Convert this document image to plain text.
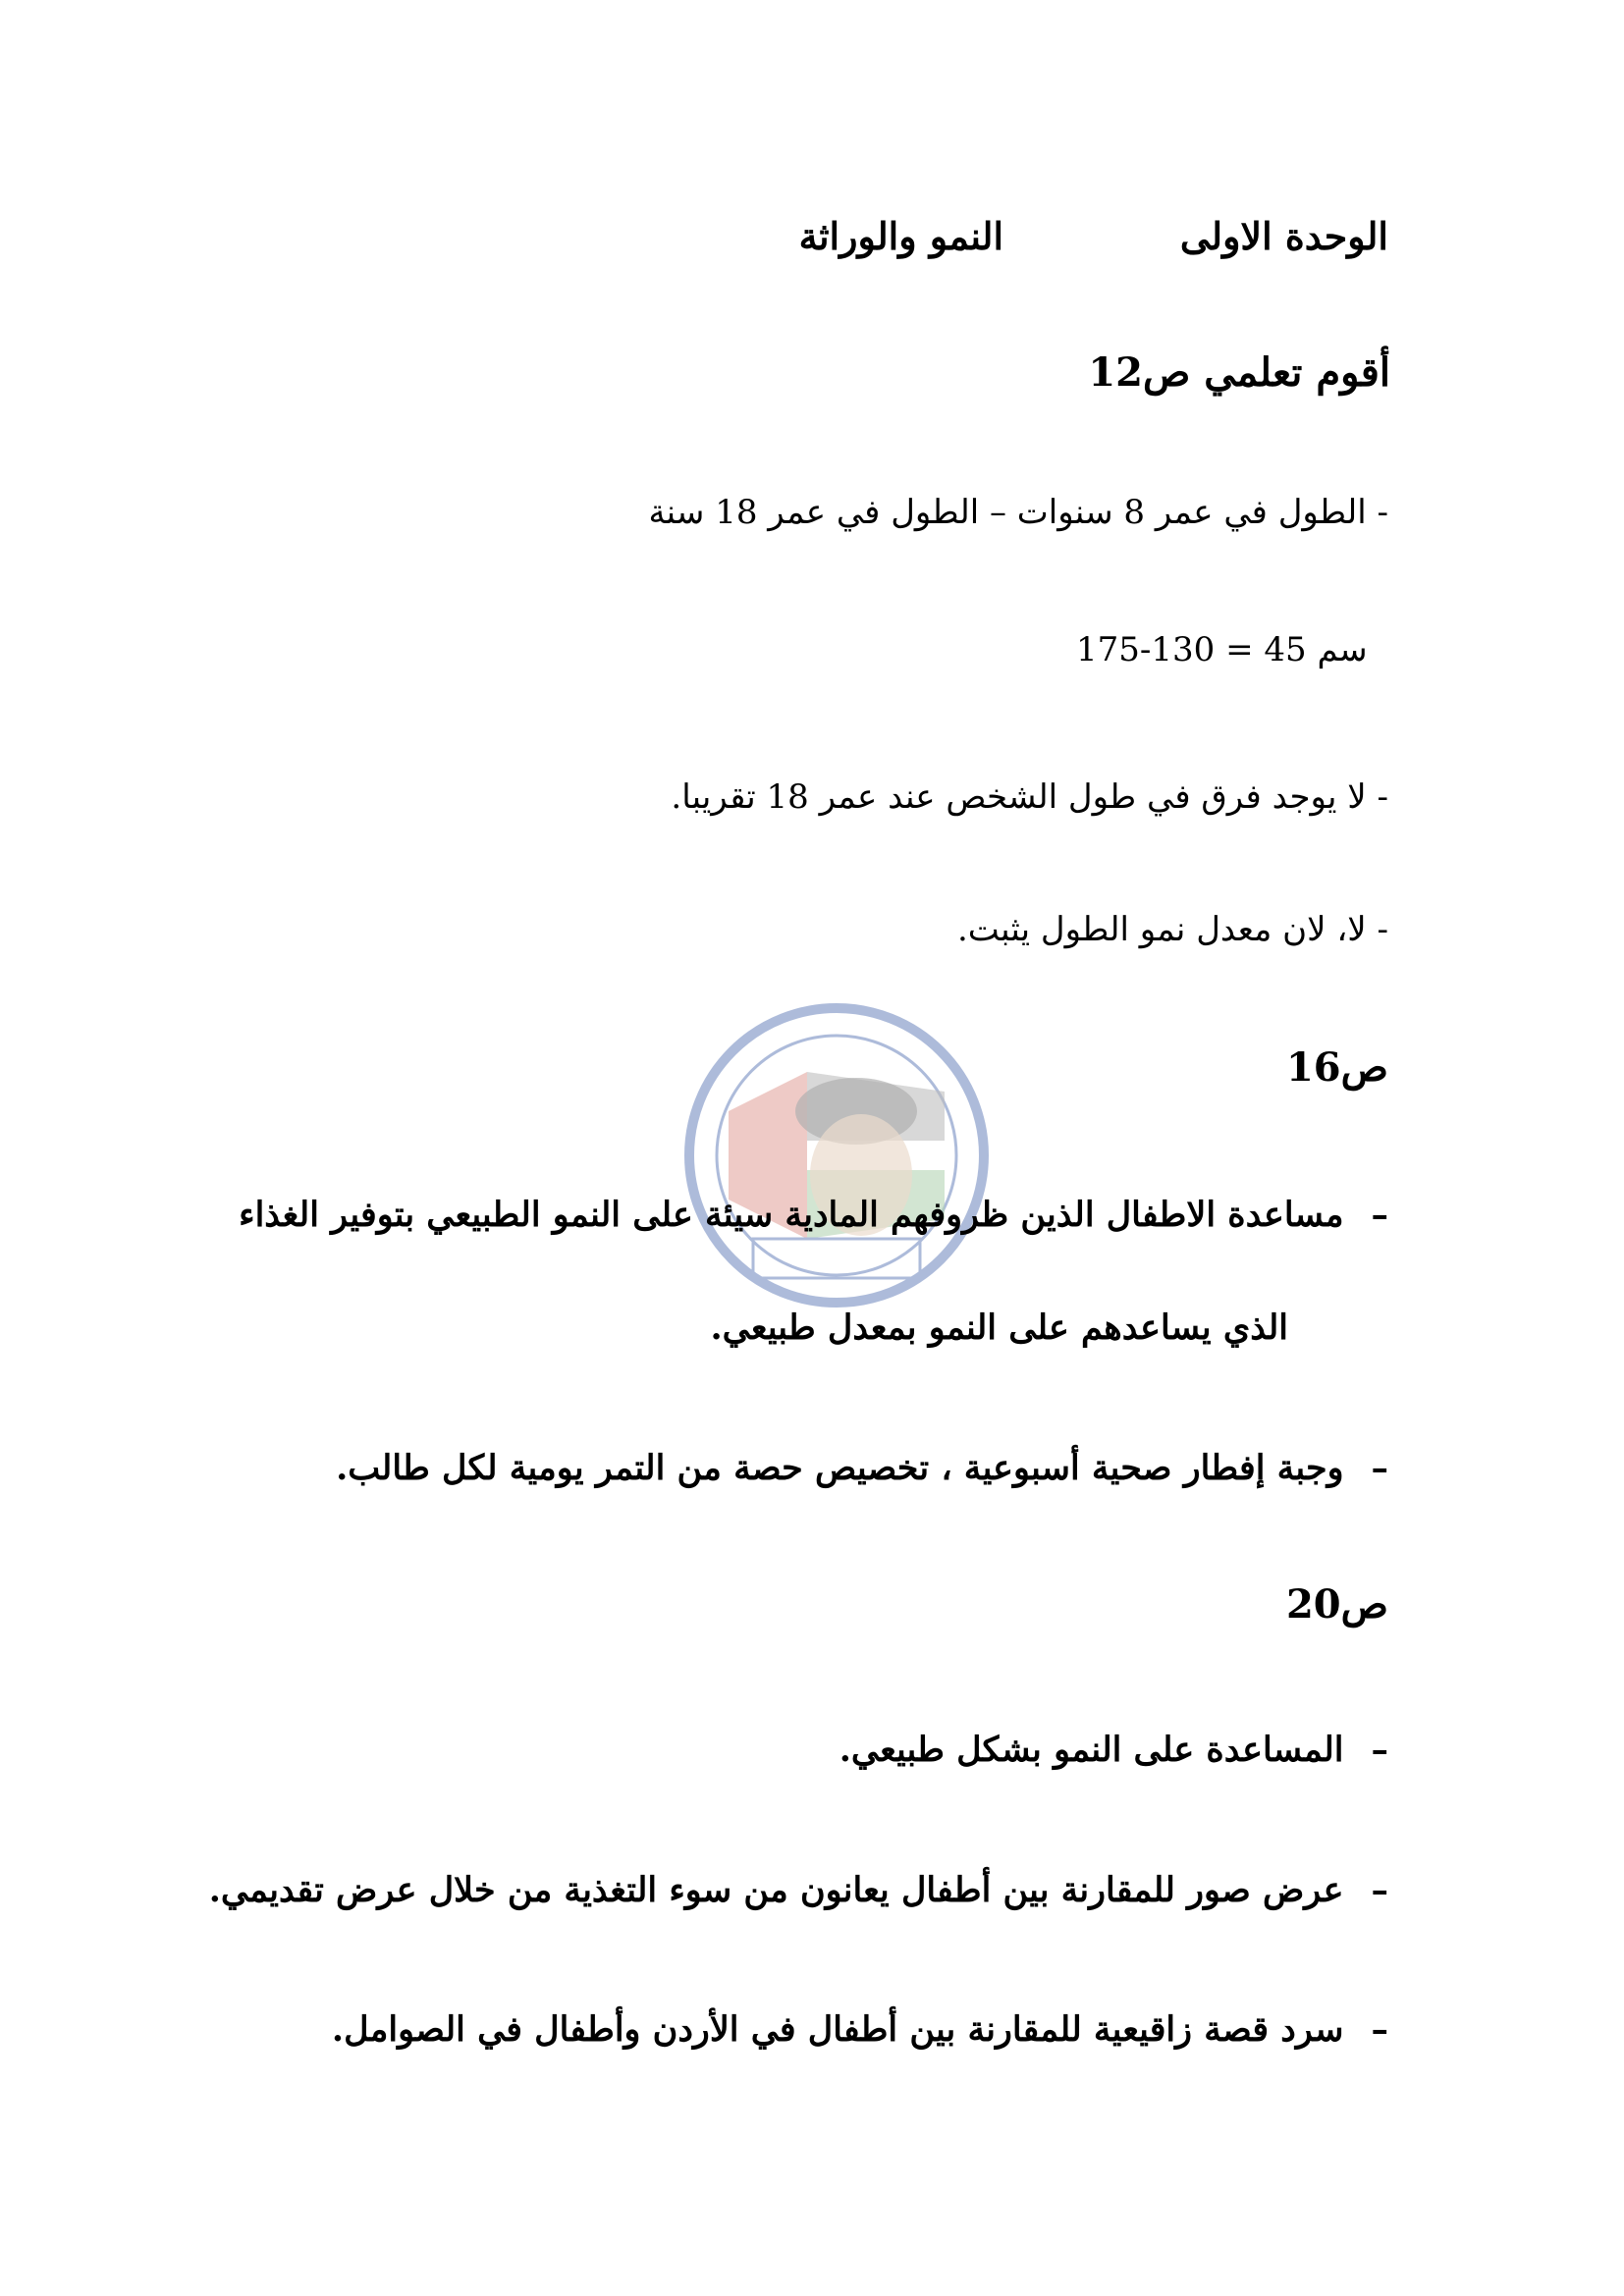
الوحدة الاولى
النمو والوراثة
أقوم تعلمي ص12
- الطول في عمر 8 سنوات – الطول في عمر 18 سنة
175-130 = 45 سم
- لا يوجد فرق في طول الشخص عند عمر 18 تقريبا.
- لا، لان معدل نمو الطول يثبت.
ص16
–مساعدة الاطفال الذين ظروفهم المادية سيئة على النمو الطبيعي بتوفير الغذاء
الذي يساعدهم على النمو بمعدل طبيعي.
–وجبة إفطار صحية أسبوعية ، تخصيص حصة من التمر يومية لكل طالب.
ص20
–المساعدة على النمو بشكل طبيعي.
–عرض صور للمقارنة بين أطفال يعانون من سوء التغذية من خلال عرض تقديمي.
–سرد قصة زاقيعية للمقارنة بين أطفال في الأردن وأطفال في الصوامل.
